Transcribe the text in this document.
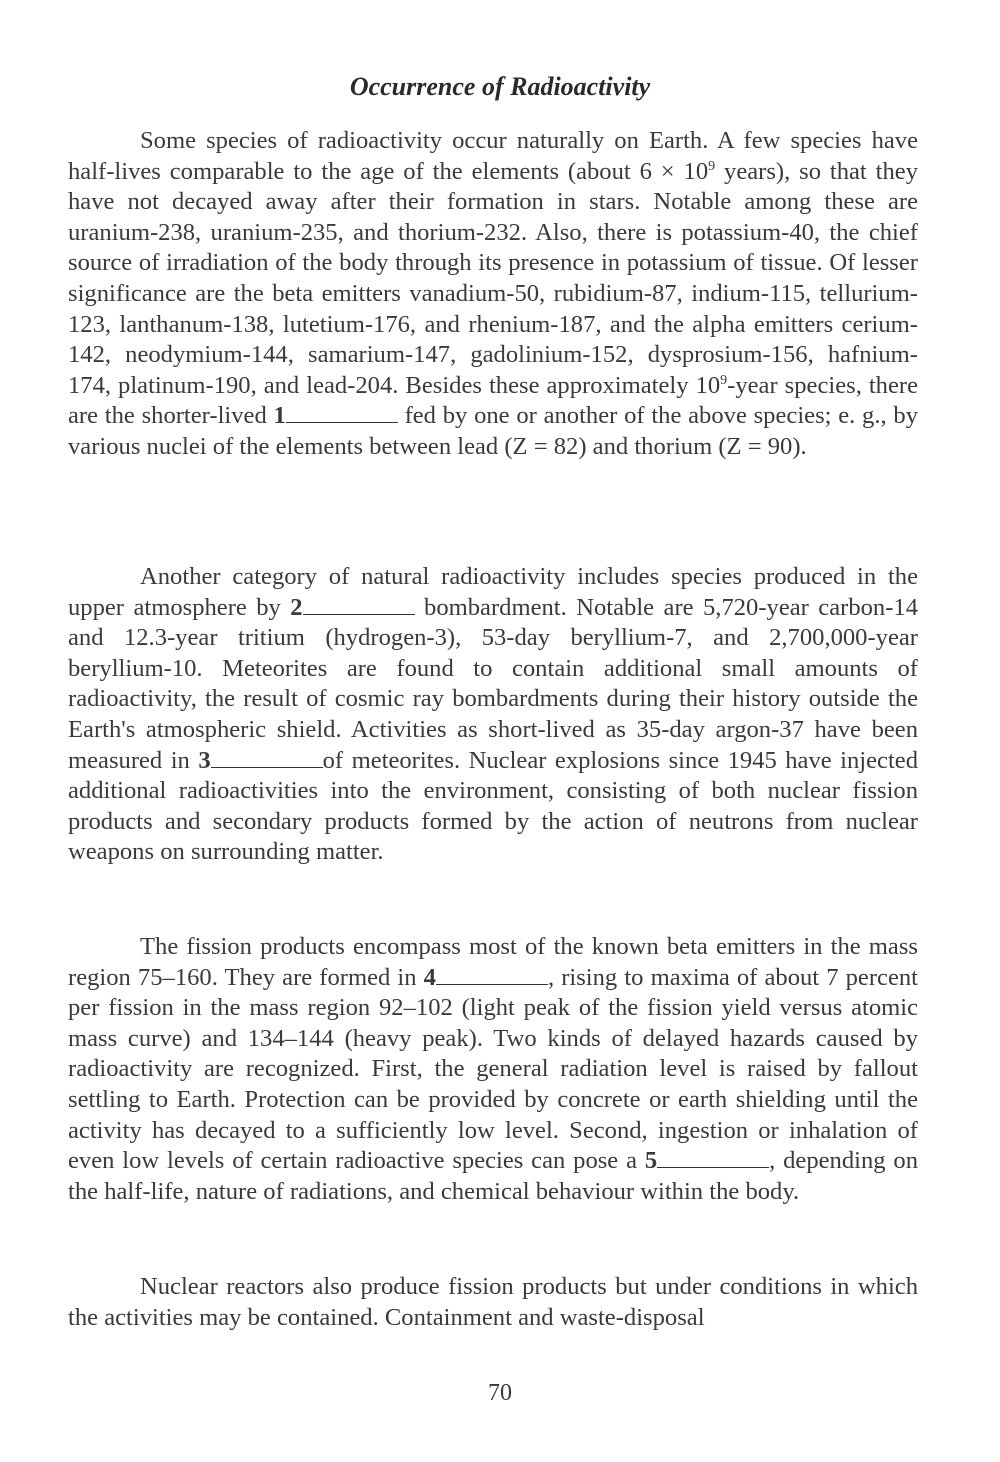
Occurrence of Radioactivity

Some species of radioactivity occur naturally on Earth. A few species have half-lives comparable to the age of the elements (about $6 \times 10^9$ years), so that they have not decayed away after their formation in stars. Notable among these are uranium-238, uranium-235, and thorium-232. Also, there is potassium-40, the chief source of irradiation of the body through its presence in potassium of tissue. Of lesser significance are the beta emitters vanadium-50, rubidium-87, indium-115, tellurium-123, lanthanum-138, lutetium-176, and rhenium-187, and the alpha emitters cerium-142, neodymium-144, samarium-147, gadolinium-152, dysprosium-156, hafnium-174, platinum-190, and lead-204. Besides these approximately $10^9$-year species, there are the shorter-lived 1	fed by one or another of the above species; e. g., by various nuclei of the elements between lead (Z = 82) and thorium (Z = 90).

Another category of natural radioactivity includes species produced in the upper atmosphere by 2	bombardment. Notable are 5,720-year carbon-14 and 12.3-year tritium (hydrogen-3), 53-day beryllium-7, and 2,700,000-year beryllium-10. Meteorites are found to contain additional small amounts of radioactivity, the result of cosmic ray bombardments during their history outside the Earth's atmospheric shield. Activities as short-lived as 35-day argon-37 have been measured in 3	of meteorites. Nuclear explosions since 1945 have injected additional radioactivities into the environment, consisting of both nuclear fission products and secondary products formed by the action of neutrons from nuclear weapons on surrounding matter.

The fission products encompass most of the known beta emitters in the mass region 75–160. They are formed in 4	, rising to maxima of about 7 percent per fission in the mass region 92–102 (light peak of the fission yield versus atomic mass curve) and 134–144 (heavy peak). Two kinds of delayed hazards caused by radioactivity are recognized. First, the general radiation level is raised by fallout settling to Earth. Protection can be provided by concrete or earth shielding until the activity has decayed to a sufficiently low level. Second, ingestion or inhalation of even low levels of certain radioactive species can pose a 5	, depending on the half-life, nature of radiations, and chemical behaviour within the body.

Nuclear reactors also produce fission products but under conditions in which the activities may be contained. Containment and waste-disposal

70
